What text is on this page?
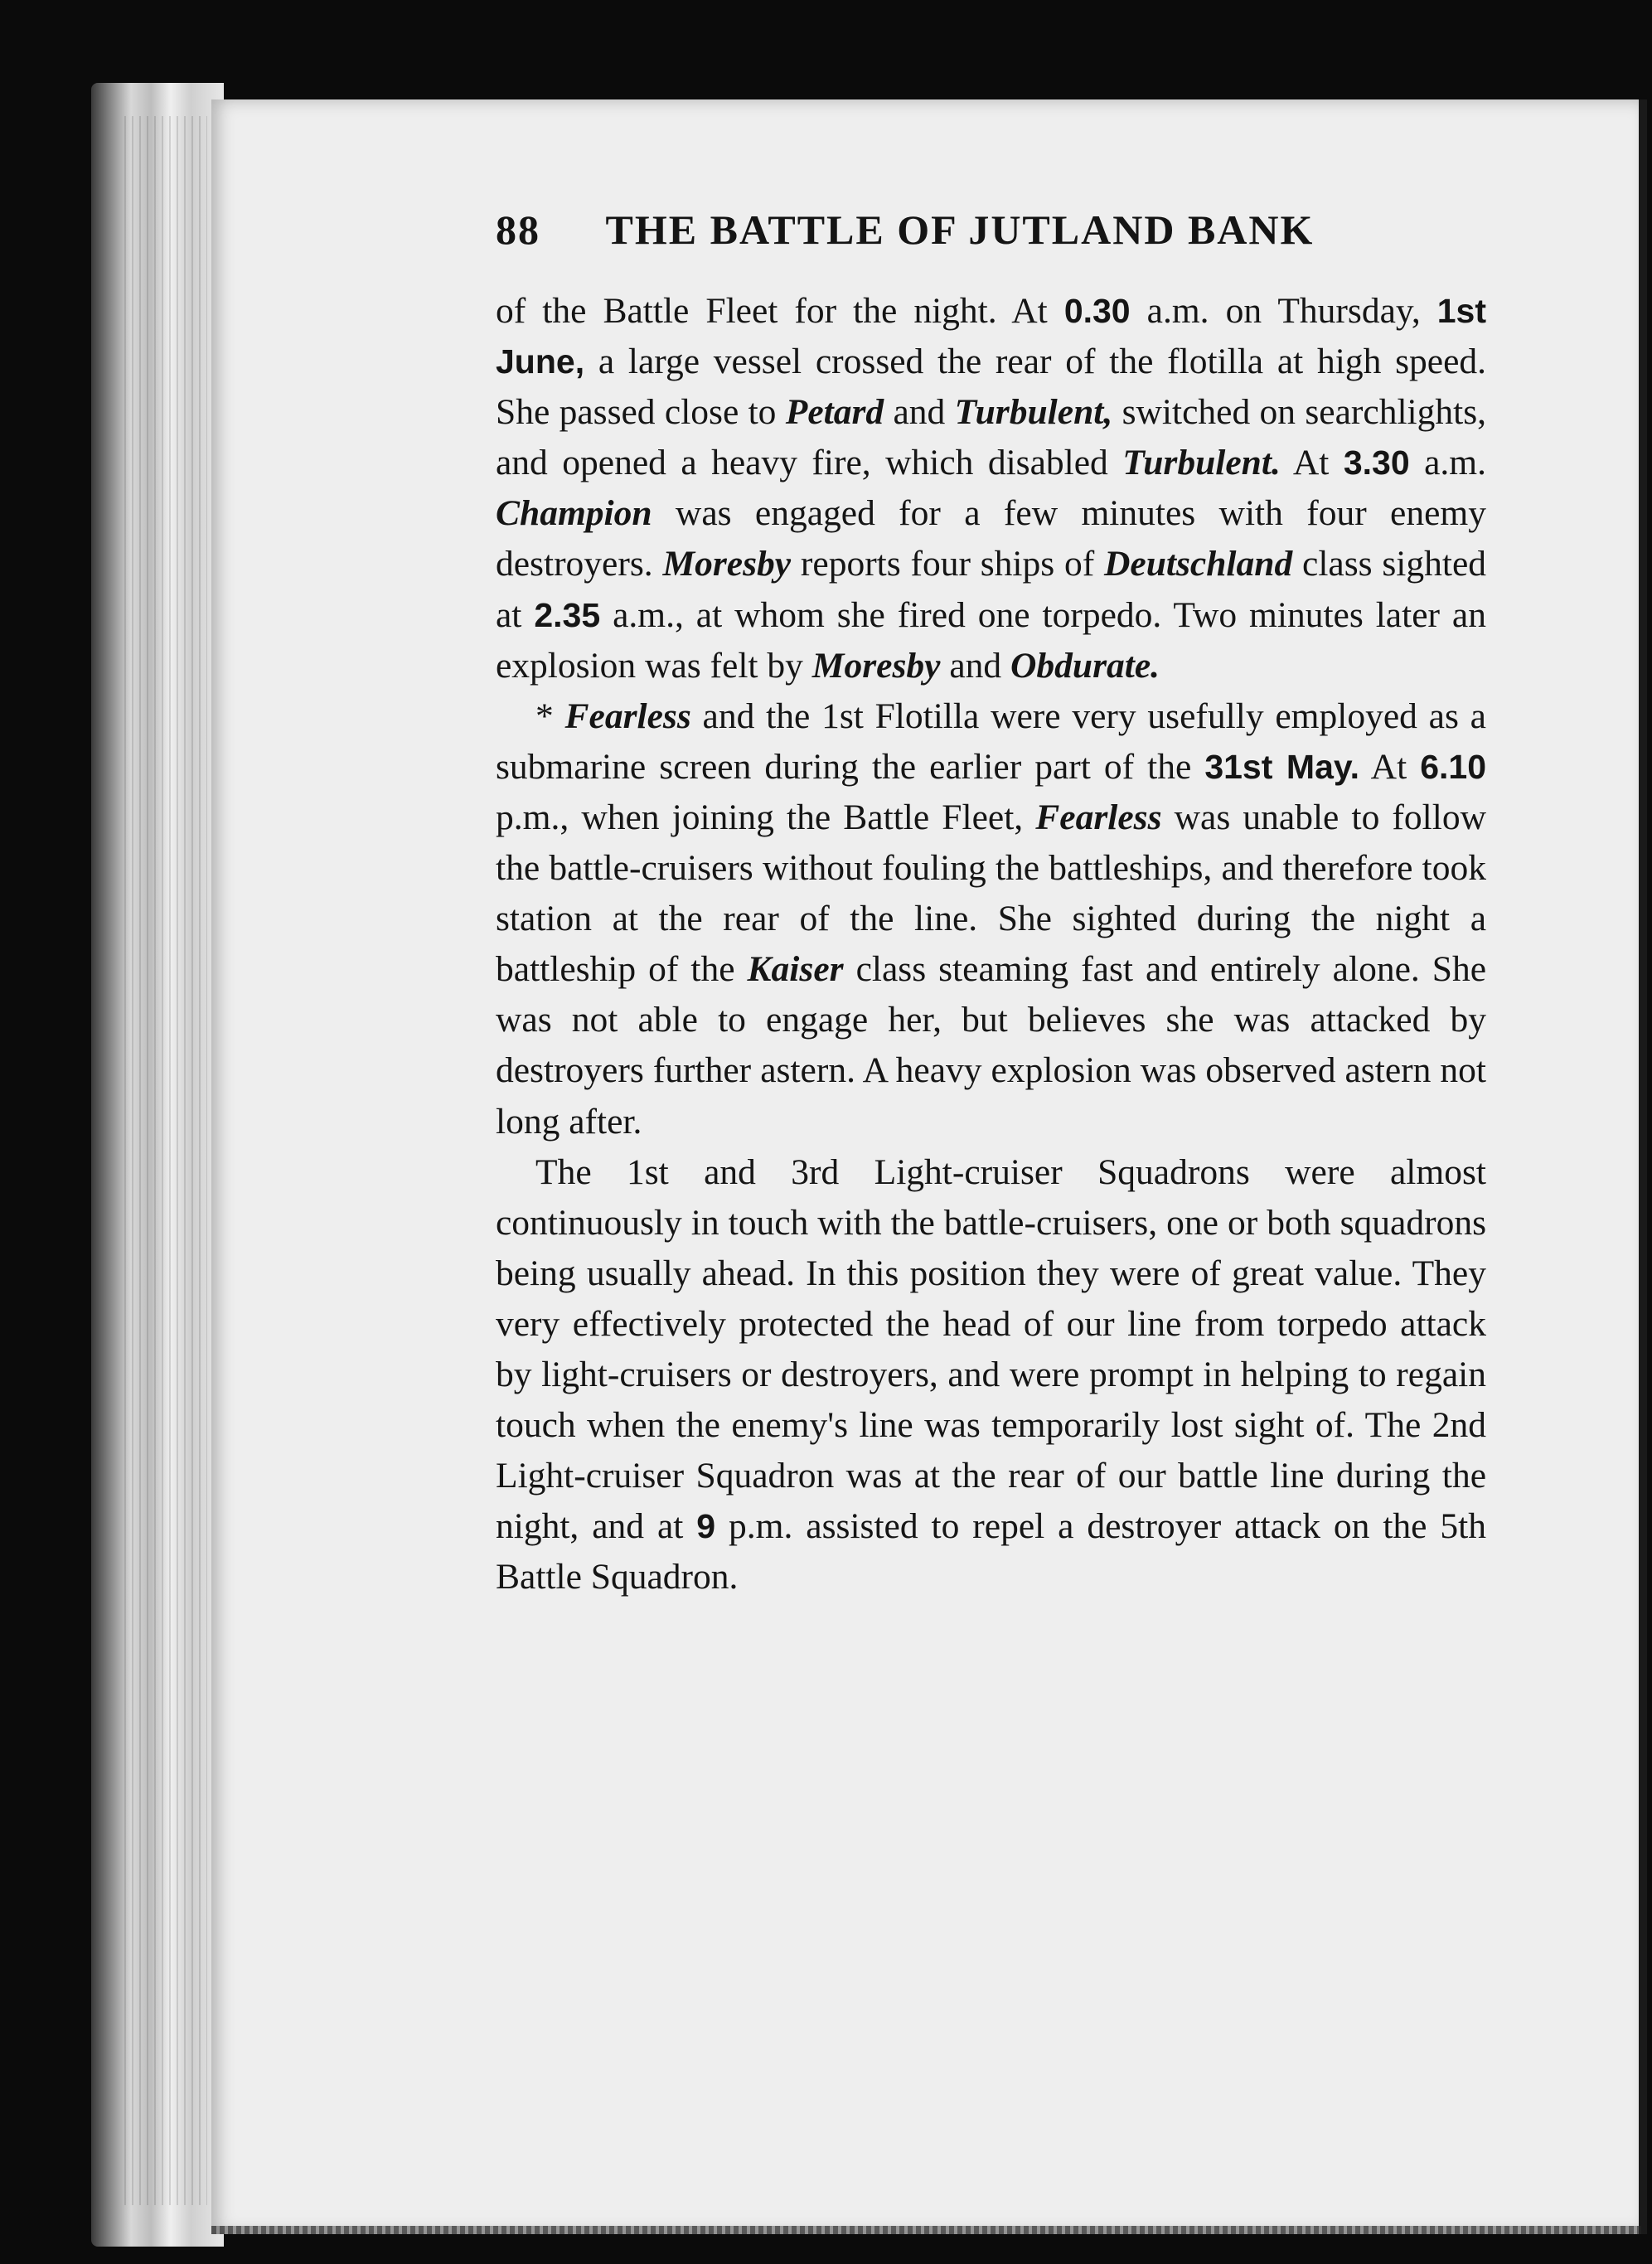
88 THE BATTLE OF JUTLAND BANK

of the Battle Fleet for the night. At 0.30 a.m. on Thursday, 1st June, a large vessel crossed the rear of the flotilla at high speed. She passed close to Petard and Turbulent, switched on searchlights, and opened a heavy fire, which disabled Turbulent. At 3.30 a.m. Champion was engaged for a few minutes with four enemy destroyers. Moresby reports four ships of Deutschland class sighted at 2.35 a.m., at whom she fired one torpedo. Two minutes later an explosion was felt by Moresby and Obdurate.

* Fearless and the 1st Flotilla were very usefully employed as a submarine screen during the earlier part of the 31st May. At 6.10 p.m., when joining the Battle Fleet, Fearless was unable to follow the battle-cruisers without fouling the battleships, and therefore took station at the rear of the line. She sighted during the night a battleship of the Kaiser class steaming fast and entirely alone. She was not able to engage her, but believes she was attacked by destroyers further astern. A heavy explosion was observed astern not long after.

The 1st and 3rd Light-cruiser Squadrons were almost continuously in touch with the battle-cruisers, one or both squadrons being usually ahead. In this position they were of great value. They very effectively protected the head of our line from torpedo attack by light-cruisers or destroyers, and were prompt in helping to regain touch when the enemy's line was temporarily lost sight of. The 2nd Light-cruiser Squadron was at the rear of our battle line during the night, and at 9 p.m. assisted to repel a destroyer attack on the 5th Battle Squadron.
